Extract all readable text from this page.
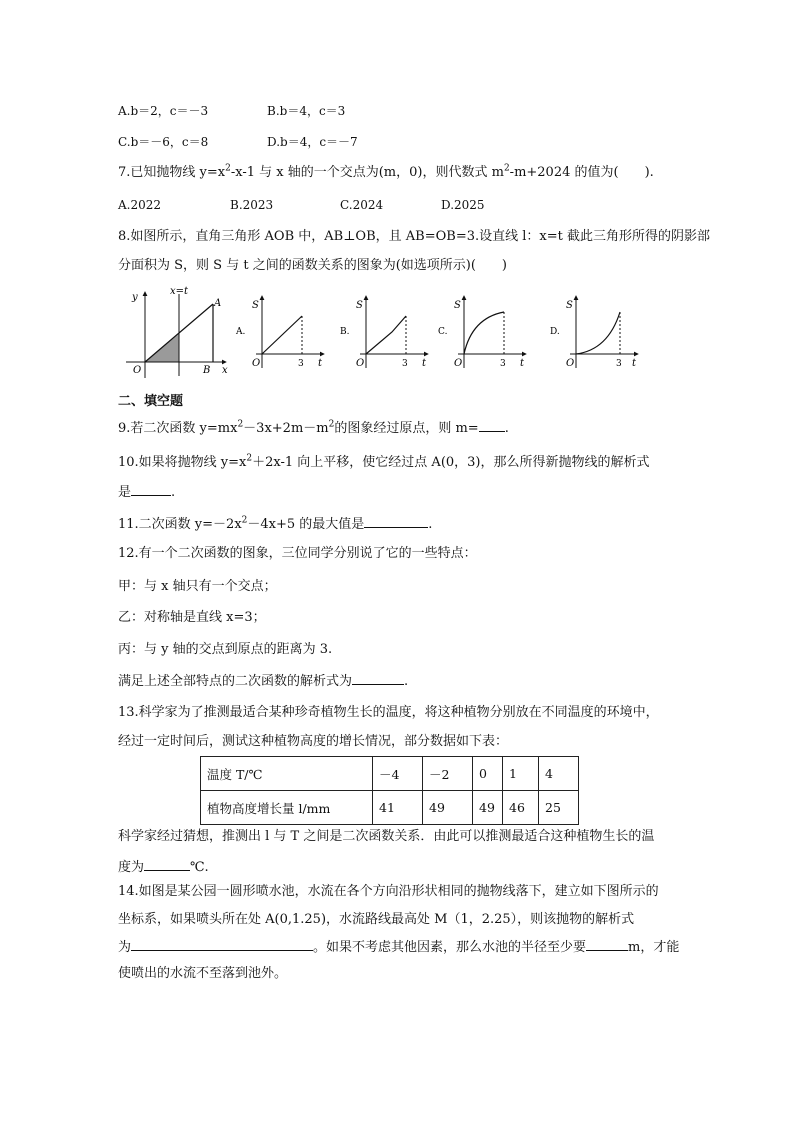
A.b＝2，c＝－3	B.b＝4，c＝3
C.b＝－6，c＝8	D.b＝4，c＝－7
7.已知抛物线 $y=x^2-x-1$ 与 x 轴的一个交点为(m，0)，则代数式 $m^2-m+2024$ 的值为(　　).
A.2022	B.2023	C.2024	D.2025
8.如图所示，直角三角形 AOB 中，AB⊥OB，且 AB=OB=3.设直线 l：x=t 截此三角形所得的阴影部
分面积为 S，则 S 与 t 之间的函数关系的图象为(如选项所示)(　　)
y
x=t
A
O	B x
A.
S
O	3 t
B.
S
O	3 t
C.
S
O	3 t
D.
S
O	3 t
二、填空题
9.若二次函数 $y=mx^2-3x+2m-m^2$的图象经过原点，则 m= .
10.如果将抛物线 $y=x^2+2x-1$ 向上平移，使它经过点 A(0，3)，那么所得新抛物线的解析式
是	.
11.二次函数 $y=-2x^2-4x+5$ 的最大值是	.
12.有一个二次函数的图象，三位同学分别说了它的一些特点：
甲：与 x 轴只有一个交点；
乙：对称轴是直线 x=3；
丙：与 y 轴的交点到原点的距离为 3.
满足上述全部特点的二次函数的解析式为	.
13.科学家为了推测最适合某种珍奇植物生长的温度，将这种植物分别放在不同温度的环境中，
经过一定时间后，测试这种植物高度的增长情况，部分数据如下表：
温度 T/℃	－4	－2	0	1	4
植物高度增长量 l/mm	41	49	49	46	25
科学家经过猜想，推测出 l 与 T 之间是二次函数关系．由此可以推测最适合这种植物生长的温
度为	℃.
14.如图是某公园一圆形喷水池，水流在各个方向沿形状相同的抛物线落下，建立如下图所示的
坐标系，如果喷头所在处 A(0,1.25)，水流路线最高处 M（1，2.25），则该抛物的解析式
为	。如果不考虑其他因素，那么水池的半径至少要	m，才能
使喷出的水流不至落到池外。
